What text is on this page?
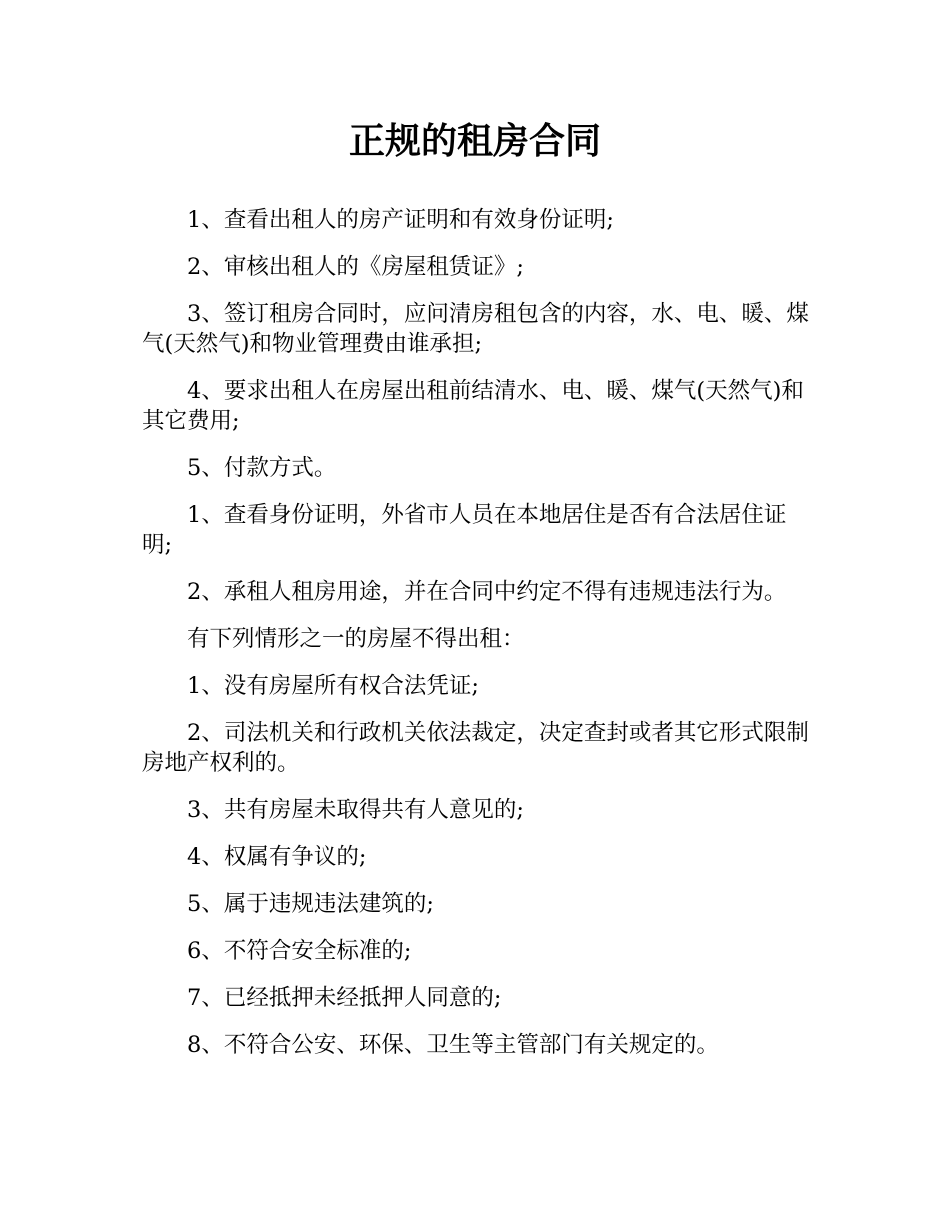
正规的租房合同

1、查看出租人的房产证明和有效身份证明;

2、审核出租人的《房屋租赁证》;

3、签订租房合同时，应问清房租包含的内容，水、电、暖、煤气(天然气)和物业管理费由谁承担;

4、要求出租人在房屋出租前结清水、电、暖、煤气(天然气)和其它费用;

5、付款方式。

1、查看身份证明，外省市人员在本地居住是否有合法居住证明;

2、承租人租房用途，并在合同中约定不得有违规违法行为。

有下列情形之一的房屋不得出租：

1、没有房屋所有权合法凭证;

2、司法机关和行政机关依法裁定，决定查封或者其它形式限制房地产权利的。

3、共有房屋未取得共有人意见的;

4、权属有争议的;

5、属于违规违法建筑的;

6、不符合安全标准的;

7、已经抵押未经抵押人同意的;

8、不符合公安、环保、卫生等主管部门有关规定的。
